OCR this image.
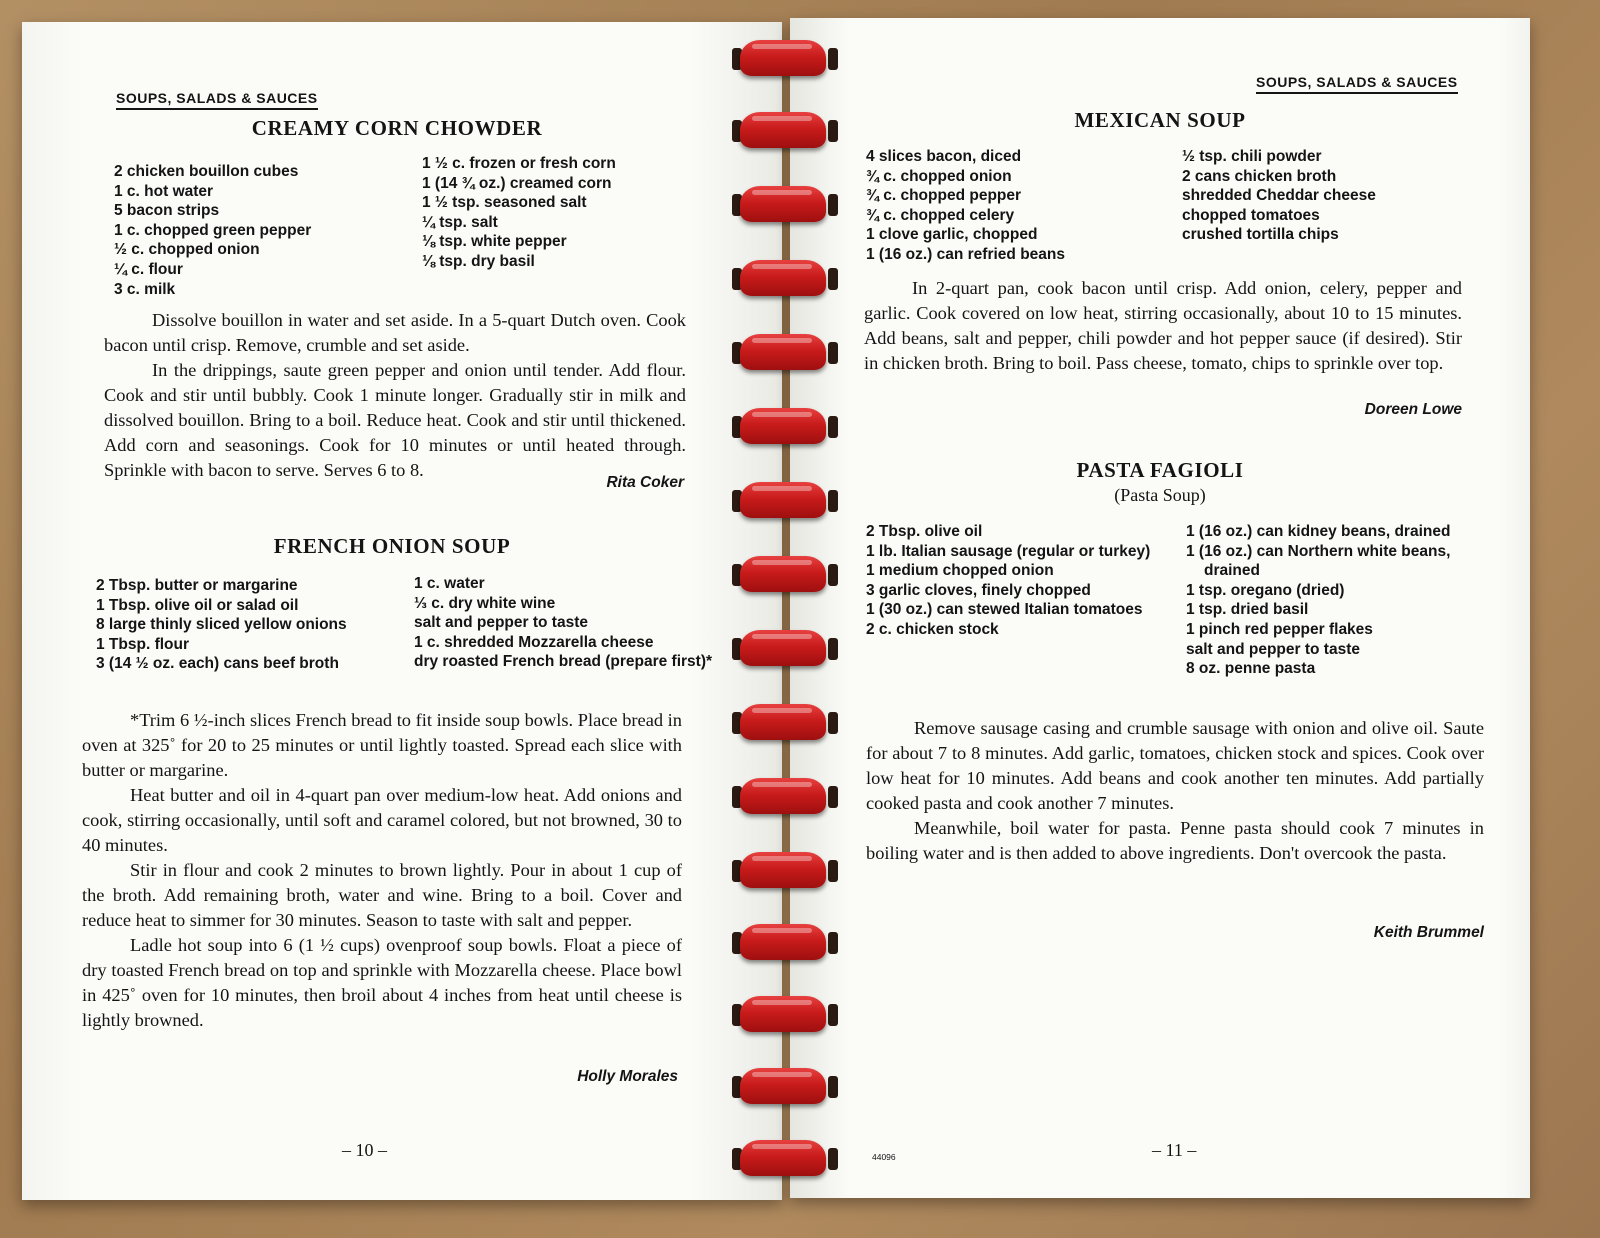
SOUPS, SALADS & SAUCES
CREAMY CORN CHOWDER
2 chicken bouillon cubes
1 c. hot water
5 bacon strips
1 c. chopped green pepper
½ c. chopped onion
¼ c. flour
3 c. milk
1 ½ c. frozen or fresh corn
1 (14 ¾ oz.) creamed corn
1 ½ tsp. seasoned salt
¼ tsp. salt
⅛ tsp. white pepper
⅛ tsp. dry basil

Dissolve bouillon in water and set aside. In a 5-quart Dutch oven. Cook bacon until crisp. Remove, crumble and set aside.

In the drippings, saute green pepper and onion until tender. Add flour. Cook and stir until bubbly. Cook 1 minute longer. Gradually stir in milk and dissolved bouillon. Bring to a boil. Reduce heat. Cook and stir until thickened. Add corn and seasonings. Cook for 10 minutes or until heated through. Sprinkle with bacon to serve. Serves 6 to 8.

Rita Coker
FRENCH ONION SOUP
2 Tbsp. butter or margarine
1 Tbsp. olive oil or salad oil
8 large thinly sliced yellow onions
1 Tbsp. flour
3 (14 ½ oz. each) cans beef broth
1 c. water
⅓ c. dry white wine
salt and pepper to taste
1 c. shredded Mozzarella cheese
dry roasted French bread (prepare first)*

*Trim 6 ½-inch slices French bread to fit inside soup bowls. Place bread in oven at 325˚ for 20 to 25 minutes or until lightly toasted. Spread each slice with butter or margarine.

Heat butter and oil in 4-quart pan over medium-low heat. Add onions and cook, stirring occasionally, until soft and caramel colored, but not browned, 30 to 40 minutes.

Stir in flour and cook 2 minutes to brown lightly. Pour in about 1 cup of the broth. Add remaining broth, water and wine. Bring to a boil. Cover and reduce heat to simmer for 30 minutes. Season to taste with salt and pepper.

Ladle hot soup into 6 (1 ½ cups) ovenproof soup bowls. Float a piece of dry toasted French bread on top and sprinkle with Mozzarella cheese. Place bowl in 425˚ oven for 10 minutes, then broil about 4 inches from heat until cheese is lightly browned.

Holly Morales
– 10 –
SOUPS, SALADS & SAUCES
MEXICAN SOUP
4 slices bacon, diced
¾ c. chopped onion
¾ c. chopped pepper
¾ c. chopped celery
1 clove garlic, chopped
1 (16 oz.) can refried beans
½ tsp. chili powder
2 cans chicken broth
shredded Cheddar cheese
chopped tomatoes
crushed tortilla chips

In 2-quart pan, cook bacon until crisp. Add onion, celery, pepper and garlic. Cook covered on low heat, stirring occasionally, about 10 to 15 minutes. Add beans, salt and pepper, chili powder and hot pepper sauce (if desired). Stir in chicken broth. Bring to boil. Pass cheese, tomato, chips to sprinkle over top.

Doreen Lowe
PASTA FAGIOLI
(Pasta Soup)
2 Tbsp. olive oil
1 lb. Italian sausage (regular or turkey)
1 medium chopped onion
3 garlic cloves, finely chopped
1 (30 oz.) can stewed Italian tomatoes
2 c. chicken stock
1 (16 oz.) can kidney beans, drained
1 (16 oz.) can Northern white beans, drained
1 tsp. oregano (dried)
1 tsp. dried basil
1 pinch red pepper flakes
salt and pepper to taste
8 oz. penne pasta

Remove sausage casing and crumble sausage with onion and olive oil. Saute for about 7 to 8 minutes. Add garlic, tomatoes, chicken stock and spices. Cook over low heat for 10 minutes. Add beans and cook another ten minutes. Add partially cooked pasta and cook another 7 minutes.

Meanwhile, boil water for pasta. Penne pasta should cook 7 minutes in boiling water and is then added to above ingredients. Don't overcook the pasta.

Keith Brummel
44096	– 11 –
